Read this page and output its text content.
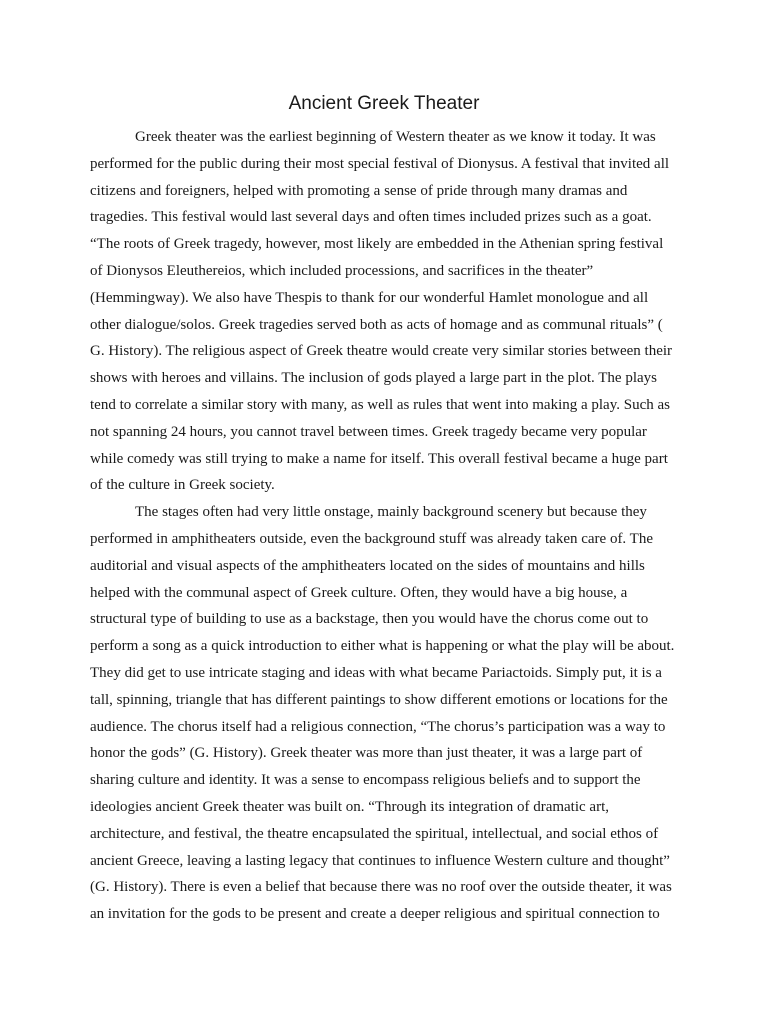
Ancient Greek Theater
Greek theater was the earliest beginning of Western theater as we know it today. It was
performed for the public during their most special festival of Dionysus. A festival that invited all
citizens and foreigners, helped with promoting a sense of pride through many dramas and
tragedies. This festival would last several days and often times included prizes such as a goat.
“The roots of Greek tragedy, however, most likely are embedded in the Athenian spring festival
of Dionysos Eleuthereios, which included processions, and sacrifices in the theater”
(Hemmingway). We also have Thespis to thank for our wonderful Hamlet monologue and all
other dialogue/solos. Greek tragedies served both as acts of homage and as communal rituals” (
G. History). The religious aspect of Greek theatre would create very similar stories between their
shows with heroes and villains. The inclusion of gods played a large part in the plot. The plays
tend to correlate a similar story with many, as well as rules that went into making a play. Such as
not spanning 24 hours, you cannot travel between times. Greek tragedy became very popular
while comedy was still trying to make a name for itself. This overall festival became a huge part
of the culture in Greek society.
The stages often had very little onstage, mainly background scenery but because they
performed in amphitheaters outside, even the background stuff was already taken care of. The
auditorial and visual aspects of the amphitheaters located on the sides of mountains and hills
helped with the communal aspect of Greek culture. Often, they would have a big house, a
structural type of building to use as a backstage, then you would have the chorus come out to
perform a song as a quick introduction to either what is happening or what the play will be about.
They did get to use intricate staging and ideas with what became Pariactoids. Simply put, it is a
tall, spinning, triangle that has different paintings to show different emotions or locations for the
audience. The chorus itself had a religious connection, “The chorus’s participation was a way to
honor the gods” (G. History). Greek theater was more than just theater, it was a large part of
sharing culture and identity. It was a sense to encompass religious beliefs and to support the
ideologies ancient Greek theater was built on. “Through its integration of dramatic art,
architecture, and festival, the theatre encapsulated the spiritual, intellectual, and social ethos of
ancient Greece, leaving a lasting legacy that continues to influence Western culture and thought”
(G. History). There is even a belief that because there was no roof over the outside theater, it was
an invitation for the gods to be present and create a deeper religious and spiritual connection to
